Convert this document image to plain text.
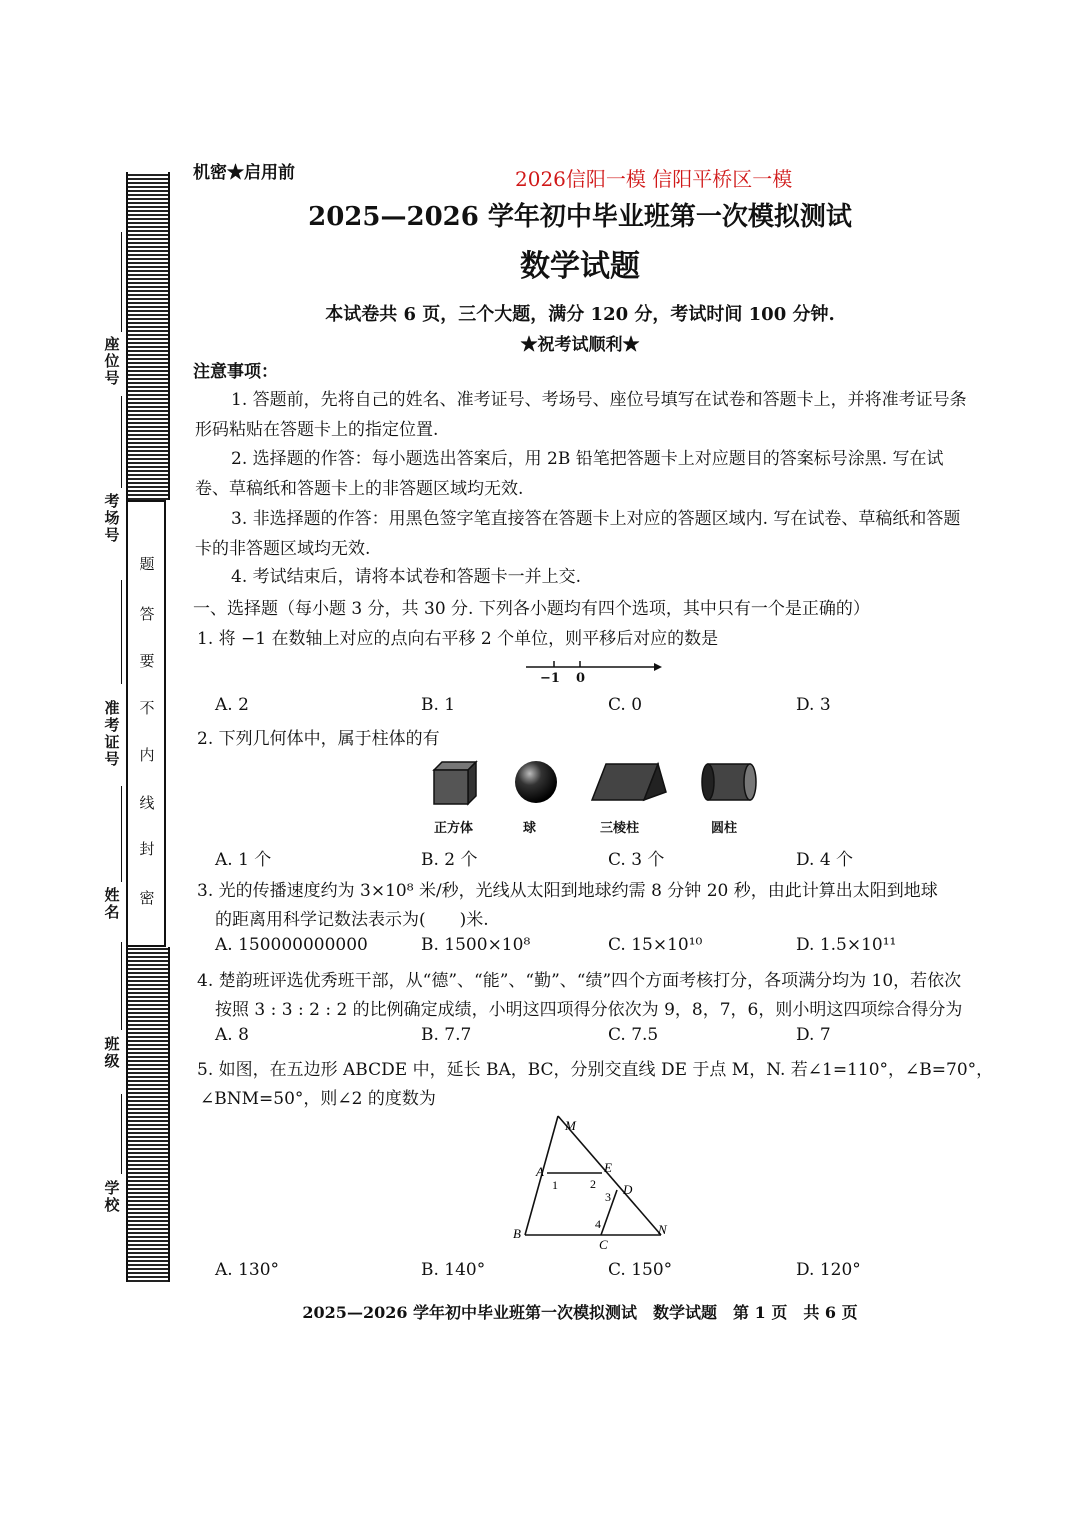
题
答
要
不
内
线
封
密
座位号
考场号
准考证号
姓名
班级
学校
机密★启用前	2026信阳一模 信阳平桥区一模
2025—2026 学年初中毕业班第一次模拟测试
数学试题
本试卷共 6 页，三个大题，满分 120 分，考试时间 100 分钟.
★祝考试顺利★
注意事项：
1. 答题前，先将自己的姓名、准考证号、考场号、座位号填写在试卷和答题卡上，并将准考证号条形码粘贴在答题卡上的指定位置.
2. 选择题的作答：每小题选出答案后，用 2B 铅笔把答题卡上对应题目的答案标号涂黑. 写在试卷、草稿纸和答题卡上的非答题区域均无效.
3. 非选择题的作答：用黑色签字笔直接答在答题卡上对应的答题区域内. 写在试卷、草稿纸和答题卡的非答题区域均无效.
4. 考试结束后，请将本试卷和答题卡一并上交.
一、选择题（每小题 3 分，共 30 分. 下列各小题均有四个选项，其中只有一个是正确的）
1. 将 −1 在数轴上对应的点向右平移 2 个单位，则平移后对应的数是
−1 0
A. 2	B. 1	C. 0	D. 3
2. 下列几何体中，属于柱体的有
正方体	球	三棱柱	圆柱
A. 1 个	B. 2 个	C. 3 个	D. 4 个
3. 光的传播速度约为 3×10⁸ 米/秒，光线从太阳到地球约需 8 分钟 20 秒，由此计算出太阳到地球
的距离用科学记数法表示为(　　)米.
A. 150000000000	B. 1500×10⁸	C. 15×10¹⁰	D. 1.5×10¹¹
4. 楚韵班评选优秀班干部，从“德”、“能”、“勤”、“绩”四个方面考核打分，各项满分均为 10，若依次
按照 3 : 3 : 2 : 2 的比例确定成绩，小明这四项得分依次为 9，8，7，6，则小明这四项综合得分为
A. 8	B. 7.7	C. 7.5	D. 7
5. 如图，在五边形 ABCDE 中，延长 BA，BC，分别交直线 DE 于点 M，N. 若∠1=110°，∠B=70°，
∠BNM=50°，则∠2 的度数为
M
A	E
D
B
C
N
1	2
3
4
A. 130°	B. 140°	C. 150°	D. 120°
2025—2026 学年初中毕业班第一次模拟测试　数学试题　第 1 页　共 6 页
